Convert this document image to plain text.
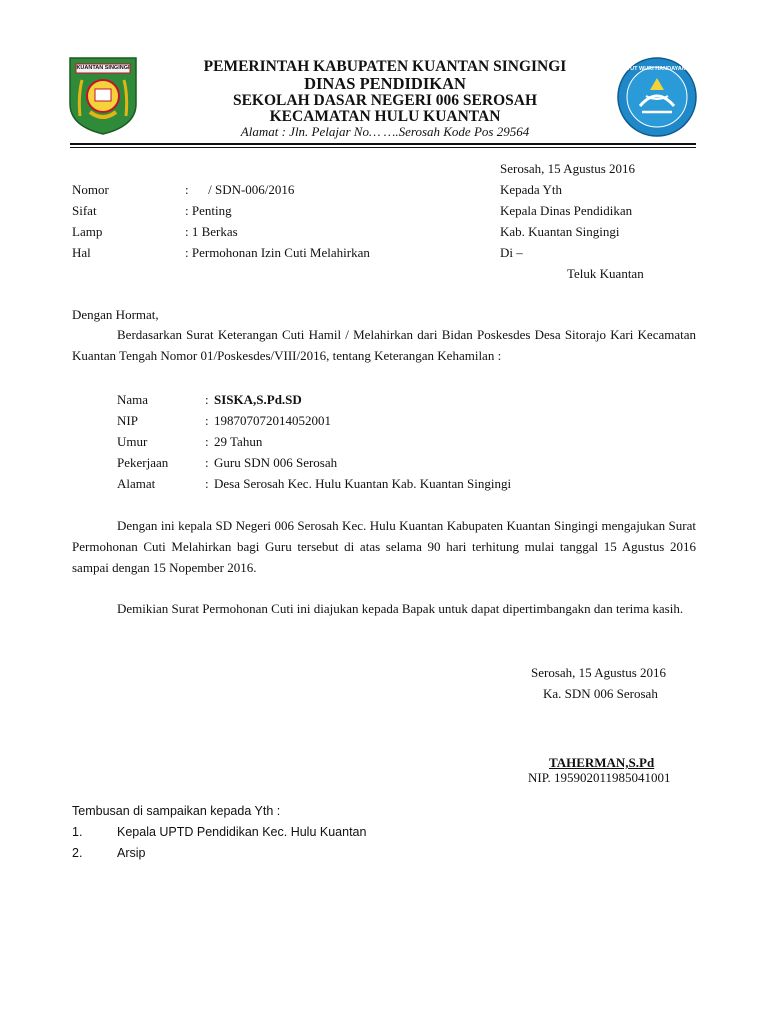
KUANTAN SINGINGI	PEMERINTAH KABUPATEN KUANTAN SINGINGI
DINAS PENDIDIKAN
SEKOLAH DASAR NEGERI 006 SEROSAH
KECAMATAN HULU KUANTAN
Alamat : Jln. Pelajar No… ….Serosah Kode Pos 29564
TUT WURI HANDAYANI
Serosah, 15 Agustus 2016
Nomor	:      / SDN-006/2016
Sifat	: Penting
Lamp	: 1 Berkas
Hal	: Permohonan Izin Cuti Melahirkan
Kepada Yth
Kepala Dinas Pendidikan
Kab. Kuantan Singingi
Di –
Teluk Kuantan
Dengan Hormat,
Berdasarkan Surat Keterangan Cuti Hamil / Melahirkan dari Bidan Poskesdes Desa Sitorajo Kari Kecamatan Kuantan Tengah Nomor 01/Poskesdes/VIII/2016, tentang Keterangan Kehamilan :
Nama	: SISKA,S.Pd.SD
NIP	: 198707072014052001
Umur	: 29 Tahun
Pekerjaan	: Guru SDN 006 Serosah
Alamat	: Desa Serosah Kec. Hulu Kuantan Kab. Kuantan Singingi
Dengan ini kepala SD Negeri 006 Serosah Kec. Hulu Kuantan Kabupaten Kuantan Singingi mengajukan Surat Permohonan Cuti Melahirkan bagi Guru tersebut di atas selama 90 hari terhitung mulai tanggal 15 Agustus 2016 sampai dengan 15 Nopember 2016.
Demikian Surat Permohonan Cuti ini diajukan kepada Bapak untuk dapat dipertimbangakn dan terima kasih.
Serosah, 15 Agustus 2016
Ka. SDN 006 Serosah
TAHERMAN,S.Pd
NIP. 195902011985041001
Tembusan di sampaikan kepada Yth :
1.	Kepala UPTD Pendidikan Kec. Hulu Kuantan
2.	Arsip
